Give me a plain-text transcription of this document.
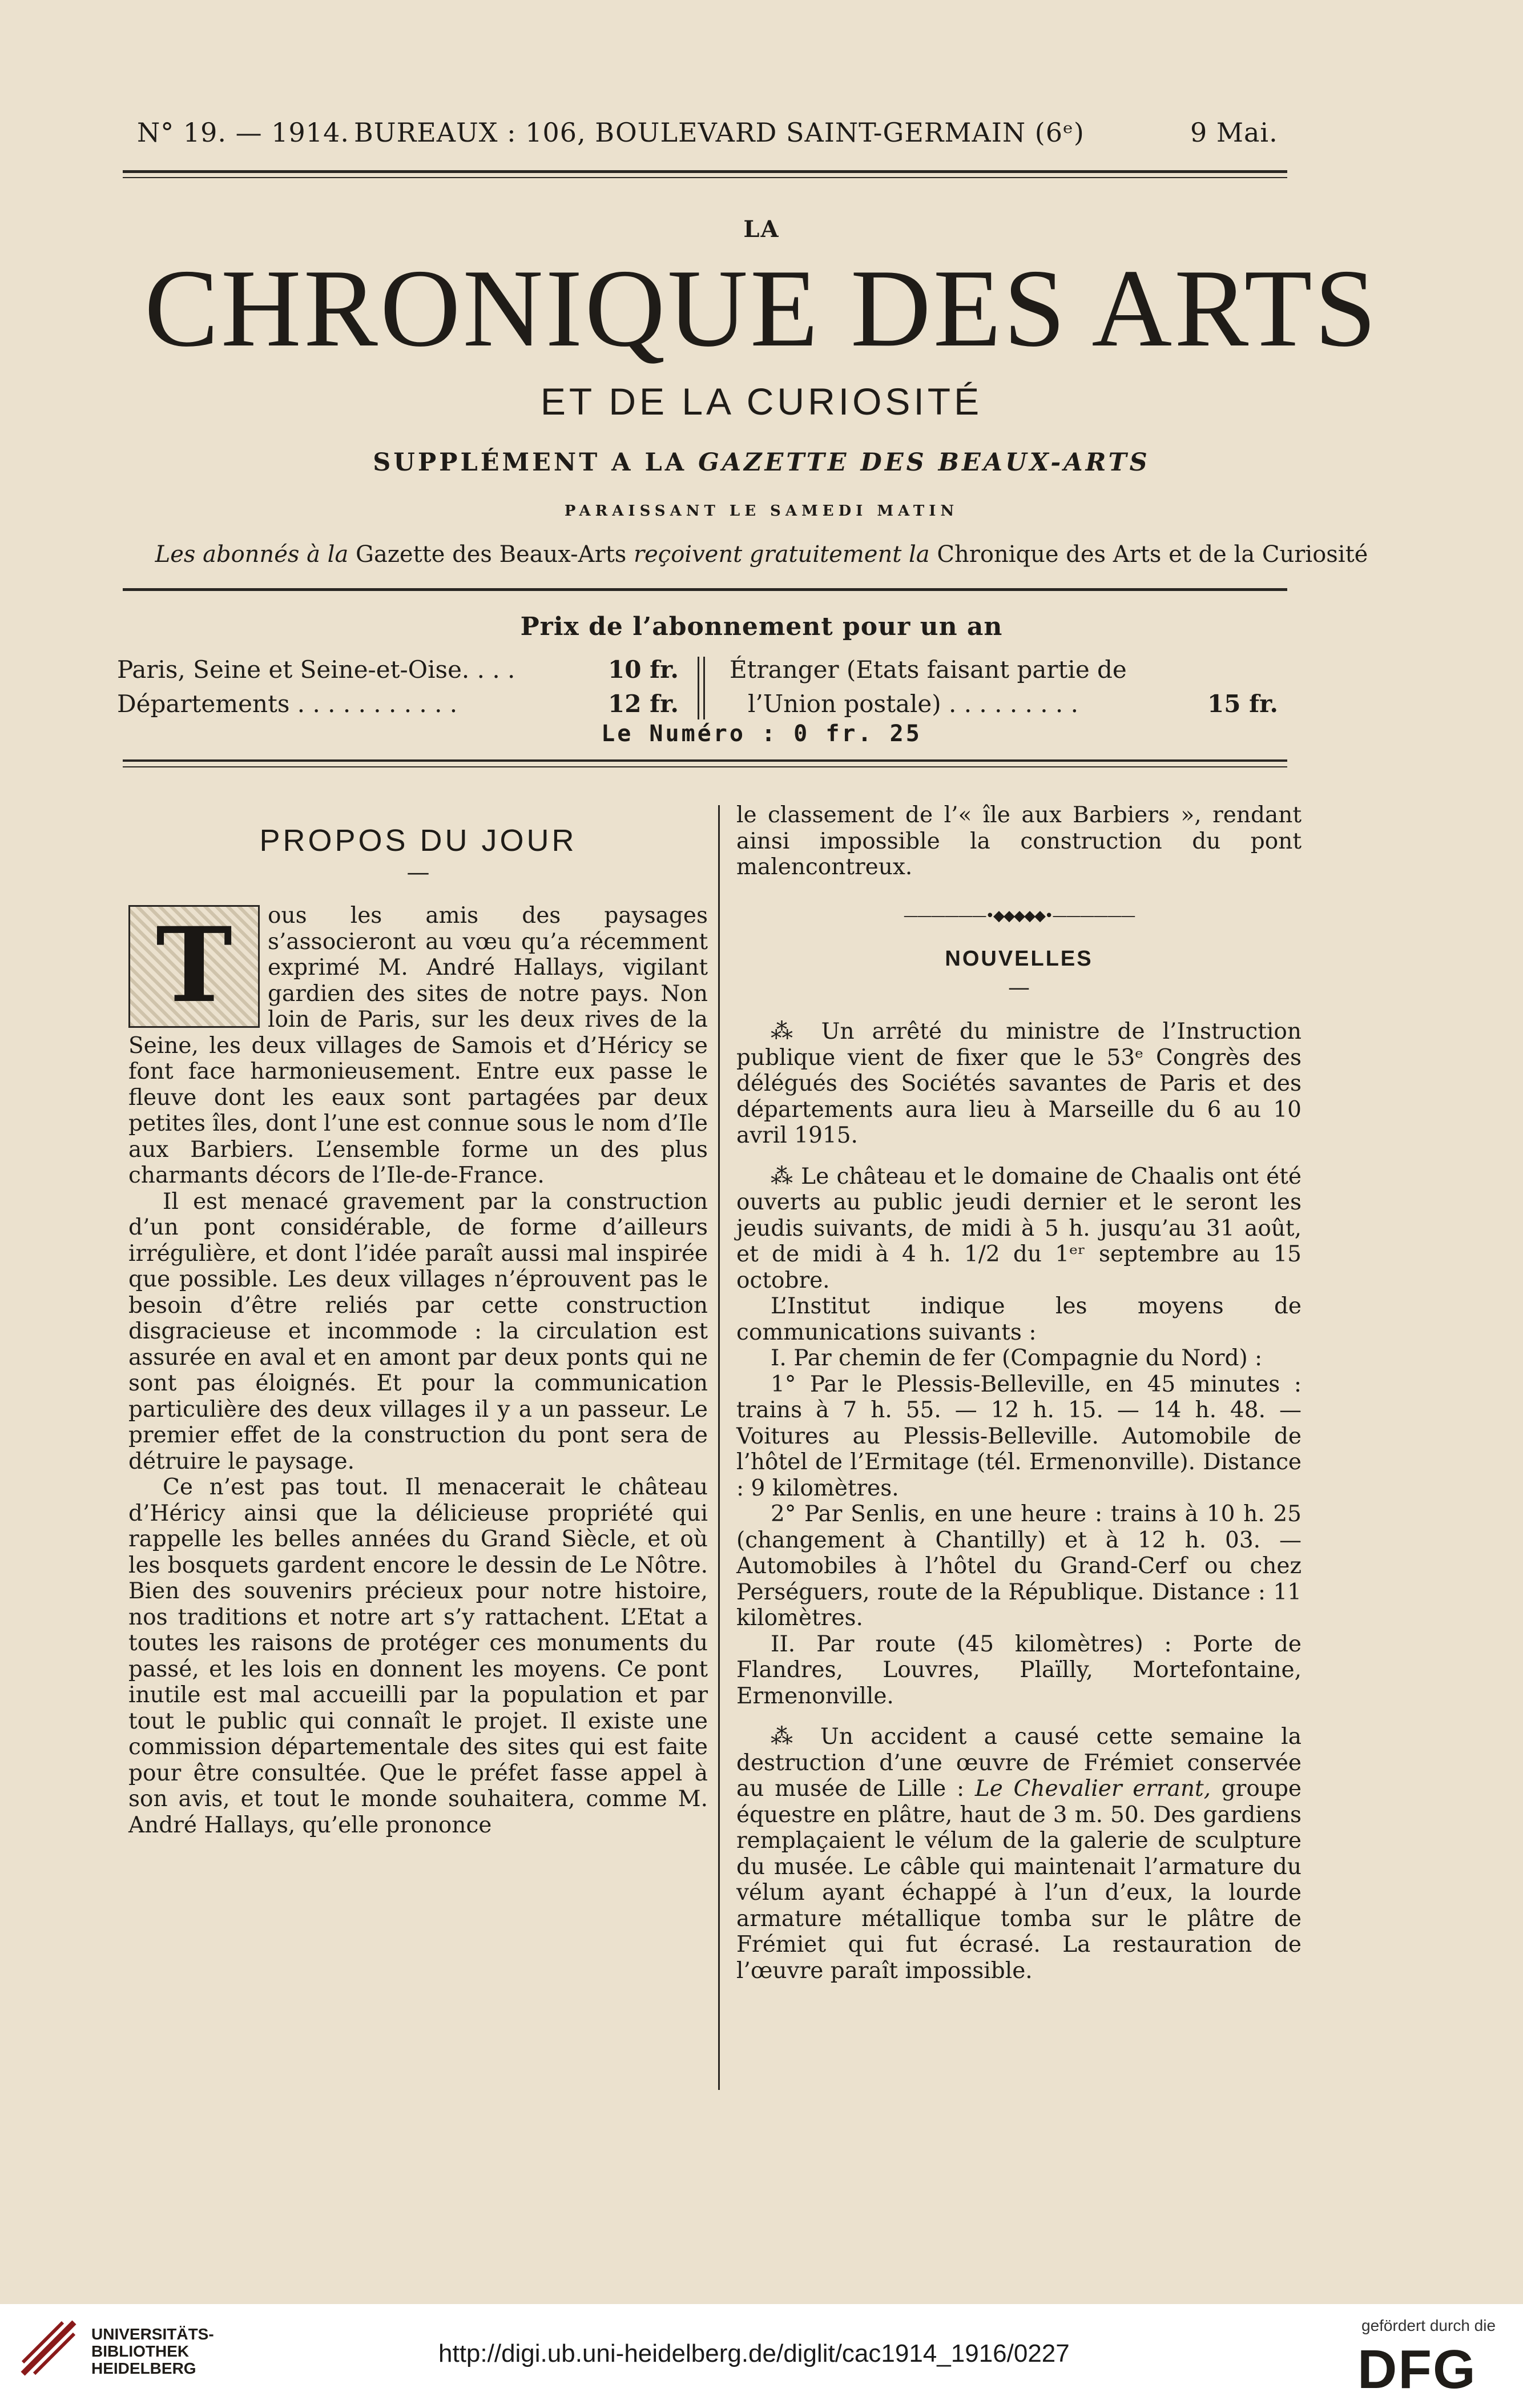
N° 19. — 1914. BUREAUX : 106, BOULEVARD SAINT-GERMAIN (6ᵉ)	9 Mai.
LA
CHRONIQUE DES ARTS
ET DE LA CURIOSITÉ
SUPPLÉMENT A LA GAZETTE DES BEAUX-ARTS
PARAISSANT LE SAMEDI MATIN
Les abonnés à la Gazette des Beaux-Arts reçoivent gratuitement la Chronique des Arts et de la Curiosité
Prix de l’abonnement pour un an
Paris, Seine et Seine-et-Oise. . . .	10 fr.
Départements . . . . . . . . . . .	12 fr.
Étranger (Etats faisant partie de
l’Union postale) . . . . . . . . .	15 fr.
Le Numéro : 0 fr. 25
PROPOS DU JOUR
—

T	ous les amis des paysages s’associeront au vœu qu’a récemment exprimé M. André Hallays, vigilant gardien des sites de notre pays. Non loin de Paris, sur les deux rives de la Seine, les deux villages de Samois et d’Héricy se font face harmonieusement. Entre eux passe le fleuve dont les eaux sont partagées par deux petites îles, dont l’une est connue sous le nom d’Ile aux Barbiers. L’ensemble forme un des plus charmants décors de l’Ile-de-France.

Il est menacé gravement par la construction d’un pont considérable, de forme d’ailleurs irrégulière, et dont l’idée paraît aussi mal inspirée que possible. Les deux villages n’éprouvent pas le besoin d’être reliés par cette construction disgracieuse et incommode : la circulation est assurée en aval et en amont par deux ponts qui ne sont pas éloignés. Et pour la communication particulière des deux villages il y a un passeur. Le premier effet de la construction du pont sera de détruire le paysage.

Ce n’est pas tout. Il menacerait le château d’Héricy ainsi que la délicieuse propriété qui rappelle les belles années du Grand Siècle, et où les bosquets gardent encore le dessin de Le Nôtre. Bien des souvenirs précieux pour notre histoire, nos traditions et notre art s’y rattachent. L’Etat a toutes les raisons de protéger ces monuments du passé, et les lois en donnent les moyens. Ce pont inutile est mal accueilli par la population et par tout le public qui connaît le projet. Il existe une commission départementale des sites qui est faite pour être consultée. Que le préfet fasse appel à son avis, et tout le monde souhaitera, comme M. André Hallays, qu’elle prononce

le classement de l’« île aux Barbiers », rendant ainsi impossible la construction du pont malencontreux.

——————•◆◆◆◆◆•——————
NOUVELLES
—

⁂ Un arrêté du ministre de l’Instruction publique vient de fixer que le 53ᵉ Congrès des délégués des Sociétés savantes de Paris et des départements aura lieu à Marseille du 6 au 10 avril 1915.

⁂ Le château et le domaine de Chaalis ont été ouverts au public jeudi dernier et le seront les jeudis suivants, de midi à 5 h. jusqu’au 31 août, et de midi à 4 h. 1/2 du 1ᵉʳ septembre au 15 octobre.

L’Institut indique les moyens de communications suivants :

I. Par chemin de fer (Compagnie du Nord) :

1° Par le Plessis-Belleville, en 45 minutes : trains à 7 h. 55. — 12 h. 15. — 14 h. 48. — Voitures au Plessis-Belleville. Automobile de l’hôtel de l’Ermitage (tél. Ermenonville). Distance : 9 kilomètres.

2° Par Senlis, en une heure : trains à 10 h. 25 (changement à Chantilly) et à 12 h. 03. — Automobiles à l’hôtel du Grand-Cerf ou chez Perséguers, route de la République. Distance : 11 kilomètres.

II. Par route (45 kilomètres) : Porte de Flandres, Louvres, Plaïlly, Mortefontaine, Ermenonville.

⁂ Un accident a causé cette semaine la destruction d’une œuvre de Frémiet conservée au musée de Lille : Le Chevalier errant, groupe équestre en plâtre, haut de 3 m. 50. Des gardiens remplaçaient le vélum de la galerie de sculpture du musée. Le câble qui maintenait l’armature du vélum ayant échappé à l’un d’eux, la lourde armature métallique tomba sur le plâtre de Frémiet qui fut écrasé. La restauration de l’œuvre paraît impossible.

UNIVERSITÄTS-
BIBLIOTHEK
HEIDELBERG
http://digi.ub.uni-heidelberg.de/diglit/cac1914_1916/0227
gefördert durch die
DFG
